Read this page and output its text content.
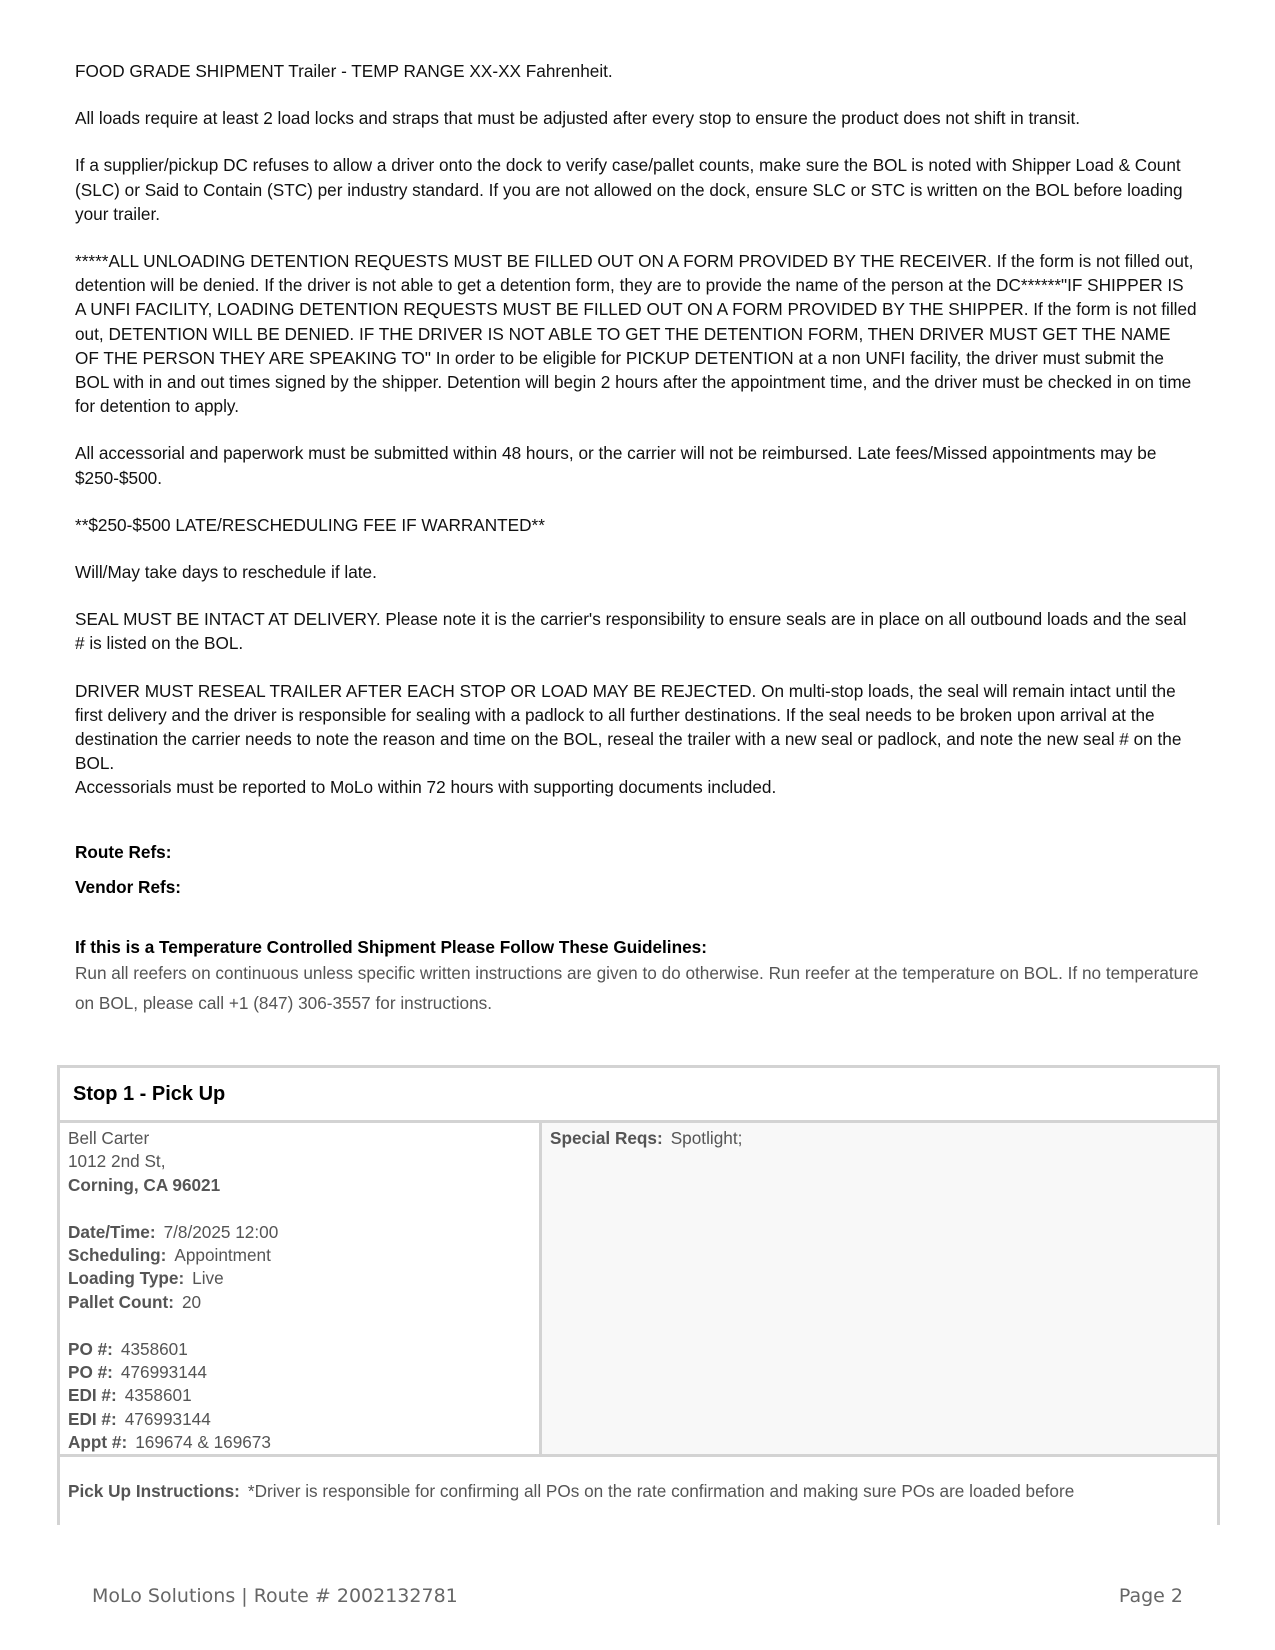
FOOD GRADE SHIPMENT Trailer - TEMP RANGE XX-XX Fahrenheit.

All loads require at least 2 load locks and straps that must be adjusted after every stop to ensure the product does not shift in transit.

If a supplier/pickup DC refuses to allow a driver onto the dock to verify case/pallet counts, make sure the BOL is noted with Shipper Load & Count (SLC) or Said to Contain (STC) per industry standard. If you are not allowed on the dock, ensure SLC or STC is written on the BOL before loading your trailer.

*****ALL UNLOADING DETENTION REQUESTS MUST BE FILLED OUT ON A FORM PROVIDED BY THE RECEIVER. If the form is not filled out, detention will be denied. If the driver is not able to get a detention form, they are to provide the name of the person at the DC******"IF SHIPPER IS A UNFI FACILITY, LOADING DETENTION REQUESTS MUST BE FILLED OUT ON A FORM PROVIDED BY THE SHIPPER. If the form is not filled out, DETENTION WILL BE DENIED. IF THE DRIVER IS NOT ABLE TO GET THE DETENTION FORM, THEN DRIVER MUST GET THE NAME OF THE PERSON THEY ARE SPEAKING TO" In order to be eligible for PICKUP DETENTION at a non UNFI facility, the driver must submit the BOL with in and out times signed by the shipper. Detention will begin 2 hours after the appointment time, and the driver must be checked in on time for detention to apply.

All accessorial and paperwork must be submitted within 48 hours, or the carrier will not be reimbursed. Late fees/Missed appointments may be $250-$500.

**$250-$500 LATE/RESCHEDULING FEE IF WARRANTED**

Will/May take days to reschedule if late.

SEAL MUST BE INTACT AT DELIVERY. Please note it is the carrier's responsibility to ensure seals are in place on all outbound loads and the seal # is listed on the BOL.

DRIVER MUST RESEAL TRAILER AFTER EACH STOP OR LOAD MAY BE REJECTED. On multi-stop loads, the seal will remain intact until the first delivery and the driver is responsible for sealing with a padlock to all further destinations. If the seal needs to be broken upon arrival at the destination the carrier needs to note the reason and time on the BOL, reseal the trailer with a new seal or padlock, and note the new seal # on the BOL.

Accessorials must be reported to MoLo within 72 hours with supporting documents included.

Route Refs:
Vendor Refs:
If this is a Temperature Controlled Shipment Please Follow These Guidelines:
Run all reefers on continuous unless specific written instructions are given to do otherwise. Run reefer at the temperature on BOL. If no temperature on BOL, please call +1 (847) 306-3557 for instructions.
Stop 1 - Pick Up
Bell Carter
1012 2nd St,
Corning, CA 96021
Date/Time: 7/8/2025 12:00
Scheduling: Appointment
Loading Type: Live
Pallet Count: 20
PO #: 4358601
PO #: 476993144
EDI #: 4358601
EDI #: 476993144
Appt #: 169674 & 169673
Special Reqs: Spotlight;
Pick Up Instructions: *Driver is responsible for confirming all POs on the rate confirmation and making sure POs are loaded before
MoLo Solutions | Route # 2002132781	Page 2
